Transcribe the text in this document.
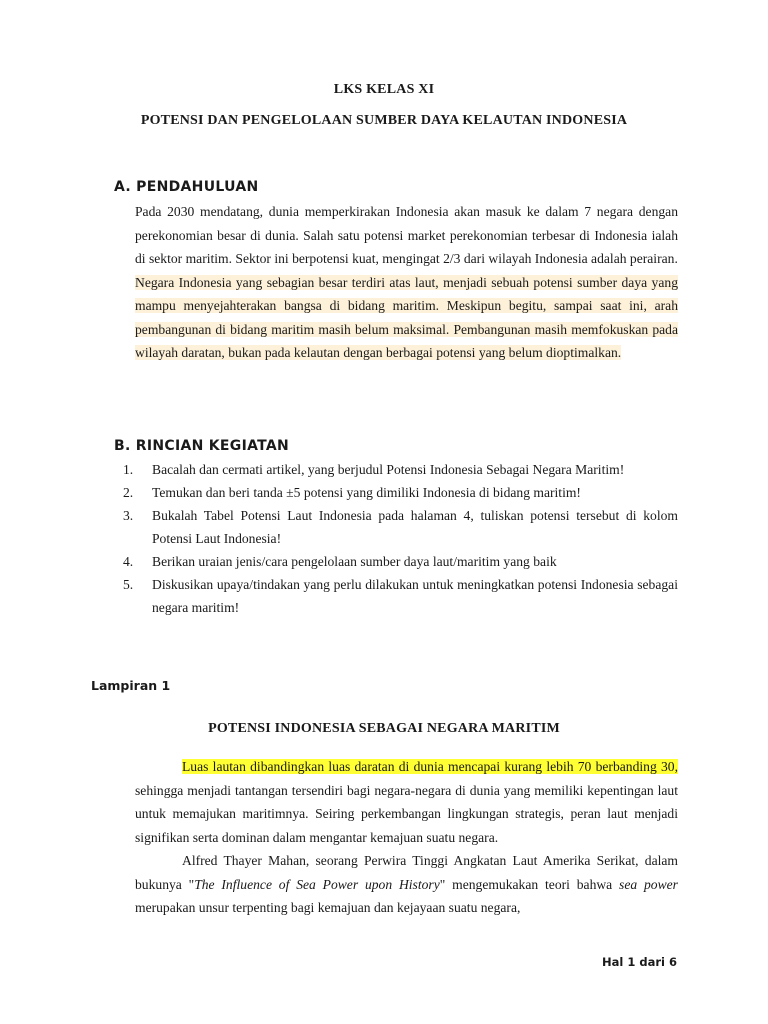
LKS KELAS XI
POTENSI DAN PENGELOLAAN SUMBER DAYA KELAUTAN INDONESIA
A. PENDAHULUAN
Pada 2030 mendatang, dunia memperkirakan Indonesia akan masuk ke dalam 7 negara dengan perekonomian besar di dunia. Salah satu potensi market perekonomian terbesar di Indonesia ialah di sektor maritim. Sektor ini berpotensi kuat, mengingat 2/3 dari wilayah Indonesia adalah perairan.
Negara Indonesia yang sebagian besar terdiri atas laut, menjadi sebuah potensi sumber daya yang mampu menyejahterakan bangsa di bidang maritim. Meskipun begitu, sampai saat ini, arah pembangunan di bidang maritim masih belum maksimal. Pembangunan masih memfokuskan pada wilayah daratan, bukan pada kelautan dengan berbagai potensi yang belum dioptimalkan.
B. RINCIAN KEGIATAN
1.	Bacalah dan cermati artikel, yang berjudul Potensi Indonesia Sebagai Negara Maritim!
2.	Temukan dan beri tanda ±5 potensi yang dimiliki Indonesia di bidang maritim!
3.	Bukalah Tabel Potensi Laut Indonesia pada halaman 4, tuliskan potensi tersebut di kolom Potensi Laut Indonesia!
4.	Berikan uraian jenis/cara pengelolaan sumber daya laut/maritim yang baik
5.	Diskusikan upaya/tindakan yang perlu dilakukan untuk meningkatkan potensi Indonesia sebagai negara maritim!
Lampiran 1
POTENSI INDONESIA SEBAGAI NEGARA MARITIM
Luas lautan dibandingkan luas daratan di dunia mencapai kurang lebih 70 berbanding 30, sehingga menjadi tantangan tersendiri bagi negara-negara di dunia yang memiliki kepentingan laut untuk memajukan maritimnya. Seiring perkembangan lingkungan strategis, peran laut menjadi signifikan serta dominan dalam mengantar kemajuan suatu negara.
Alfred Thayer Mahan, seorang Perwira Tinggi Angkatan Laut Amerika Serikat, dalam bukunya "The Influence of Sea Power upon History" mengemukakan teori bahwa sea power merupakan unsur terpenting bagi kemajuan dan kejayaan suatu negara,
Hal 1 dari 6
